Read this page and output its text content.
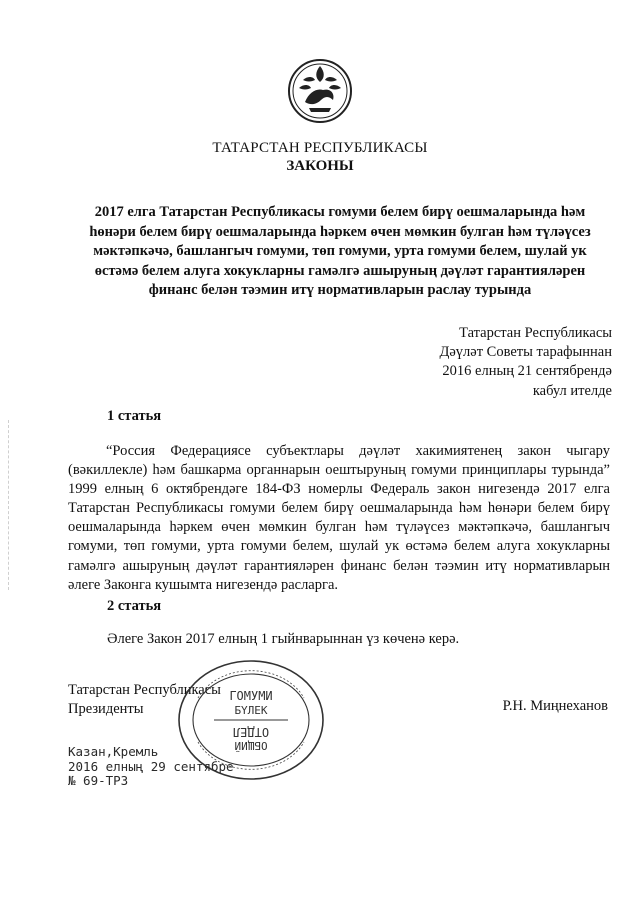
ТАТАРСТАН РЕСПУБЛИКАСЫ
ЗАКОНЫ
2017 елга Татарстан Республикасы гомуми белем бирү оешмаларында һәм
һөнәри белем бирү оешмаларында һәркем өчен мөмкин булган һәм түләүсез
мәктәпкәчә, башлангыч гомуми, төп гомуми, урта гомуми белем, шулай ук
өстәмә белем алуга хокукларны гамәлгә ашыруның дәүләт гарантияләрен
финанс белән тәэмин итү нормативларын раслау турында
Татарстан Республикасы
Дәүләт Советы тарафыннан
2016 елның 21 сентябрендә
кабул ителде
1 статья
“Россия Федерациясе субъектлары дәүләт хакимиятенең закон чыгару (вәкиллекле) һәм башкарма органнарын оештыруның гомуми принциплары турында” 1999 елның 6 октябрендәге 184-ФЗ номерлы Федераль закон нигезендә 2017 елга Татарстан Республикасы гомуми белем бирү оешмаларында һәм һөнәри белем бирү оешмаларында һәркем өчен мөмкин булган һәм түләүсез мәктәпкәчә, башлангыч гомуми, төп гомуми, урта гомуми белем, шулай ук өстәмә белем алуга хокукларны гамәлгә ашыруның дәүләт гарантияләрен финанс белән тәэмин итү нормативларын әлеге Законга кушымта нигезендә расларга.
2 статья
Әлеге Закон 2017 елның 1 гыйнварыннан үз көченә керә.
Татарстан Республикасы
Президенты	Р.Н. Миңнеханов
ГОМУМИ
БҮЛЕК
ОБЩИЙ
ОТДЕЛ
Казан,Кремль
2016 елның 29 сентябре
№ 69-ТРЗ
